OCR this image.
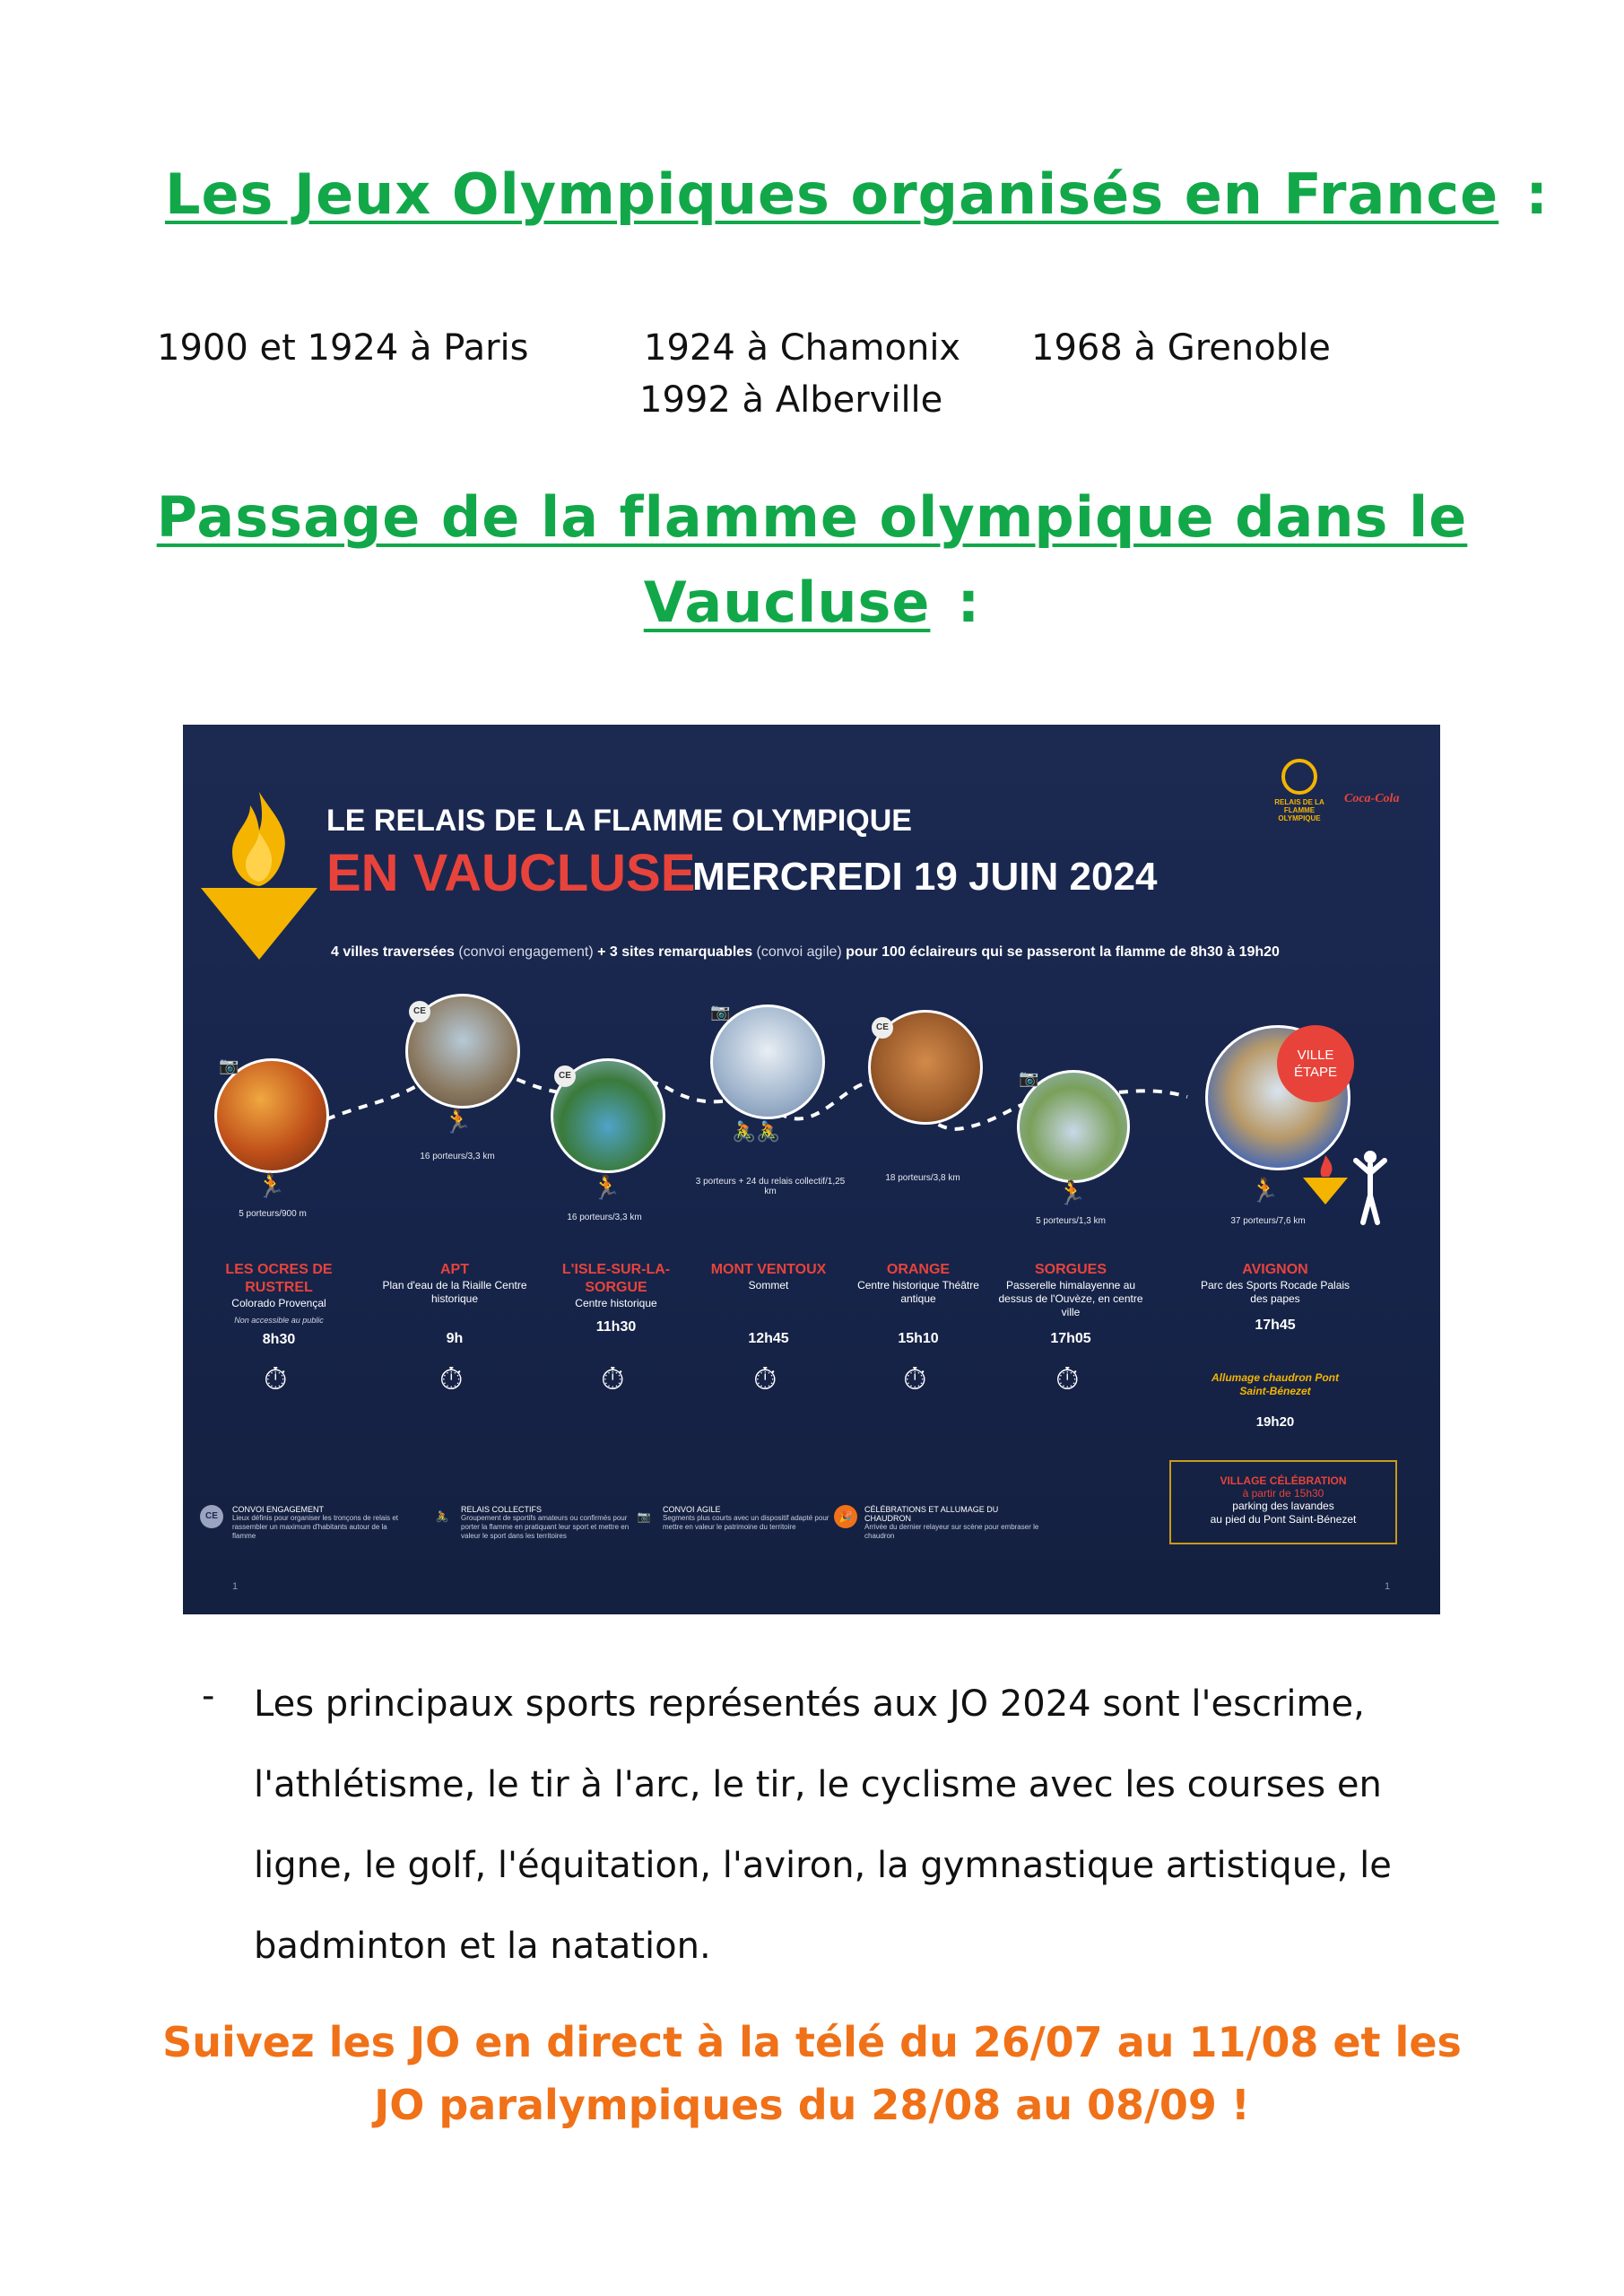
Les Jeux Olympiques organisés en France :
1900 et 1924 à Paris	1924 à Chamonix 1968 à Grenoble
1992 à Alberville
Passage de la flamme olympique dans le
Vaucluse :
LE RELAIS DE LA FLAMME OLYMPIQUE
EN VAUCLUSE
MERCREDI 19 JUIN 2024
4 villes traversées (convoi engagement) + 3 sites remarquables (convoi agile) pour 100 éclaireurs qui se passeront la flamme de 8h30 à 19h20
RELAIS DE LA FLAMME OLYMPIQUE
Coca-Cola
CE
CE
CE
📷
📷
📷
VILLE ÉTAPE
🏃
5 porteurs/900 m
🏃
16 porteurs/3,3 km
🏃
16 porteurs/3,3 km
🚴🚴
3 porteurs + 24 du relais collectif/1,25 km
18 porteurs/3,8 km
🏃
5 porteurs/1,3 km
🏃
37 porteurs/7,6 km
LES OCRES DE RUSTREL
Colorado Provençal
Non accessible au public
8h30
APT
Plan d'eau de la Riaille Centre historique
9h
L'ISLE-SUR-LA-SORGUE
Centre historique
11h30
MONT VENTOUX
Sommet
12h45
ORANGE
Centre historique Théâtre antique
15h10
SORGUES
Passerelle himalayenne au dessus de l'Ouvèze, en centre ville
17h05
AVIGNON
Parc des Sports Rocade Palais des papes
17h45
Allumage chaudron Pont Saint-Bénezet
19h20
⏱	⏱	⏱	⏱	⏱	⏱
VILLAGE CÉLÉBRATION
à partir de 15h30
parking des lavandes
au pied du Pont Saint-Bénezet
CE
CONVOI ENGAGEMENT
Lieux définis pour organiser les tronçons de relais et rassembler un maximum d'habitants autour de la flamme
🚴
RELAIS COLLECTIFS
Groupement de sportifs amateurs ou confirmés pour porter la flamme en pratiquant leur sport et mettre en valeur le sport dans les territoires
📷
CONVOI AGILE
Segments plus courts avec un dispositif adapté pour mettre en valeur le patrimoine du territoire
🎉
CÉLÉBRATIONS ET ALLUMAGE DU CHAUDRON
Arrivée du dernier relayeur sur scène pour embraser le chaudron
1	1
- Les principaux sports représentés aux JO 2024 sont l'escrime, l'athlétisme, le tir à l'arc, le tir, le cyclisme avec les courses en ligne, le golf, l'équitation, l'aviron, la gymnastique artistique, le badminton et la natation.
Suivez les JO en direct à la télé du 26/07 au 11/08 et les
JO paralympiques du 28/08 au 08/09 !
